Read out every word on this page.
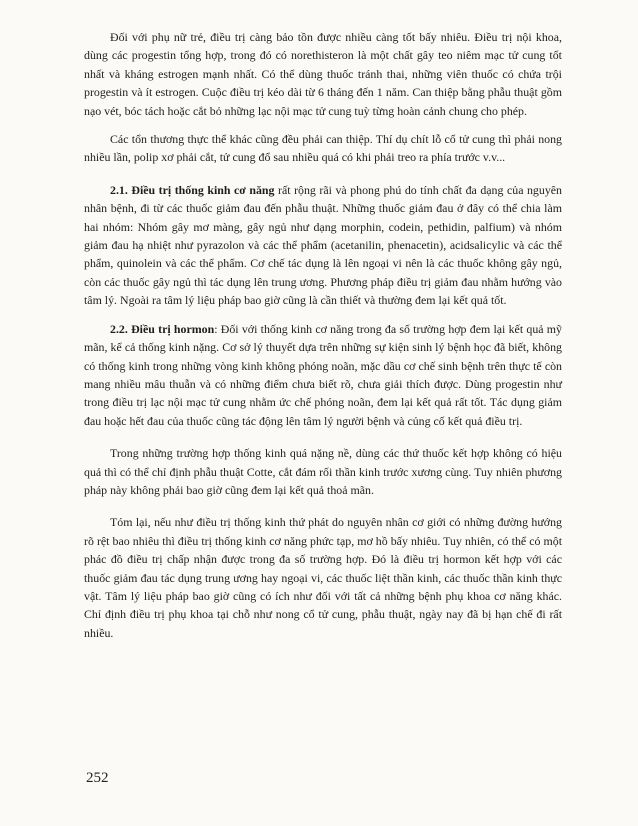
Đối với phụ nữ trẻ, điều trị càng bảo tồn được nhiều càng tốt bấy nhiêu. Điều trị nội khoa, dùng các progestin tổng hợp, trong đó có norethisteron là một chất gây teo niêm mạc tử cung tốt nhất và kháng estrogen mạnh nhất. Có thể dùng thuốc tránh thai, những viên thuốc có chứa trội progestin và ít estrogen. Cuộc điều trị kéo dài từ 6 tháng đến 1 năm. Can thiệp bằng phẫu thuật gồm nạo vét, bóc tách hoặc cắt bỏ những lạc nội mạc tử cung tuỳ từng hoàn cảnh chung cho phép.

Các tổn thương thực thể khác cũng đều phải can thiệp. Thí dụ chít lỗ cổ tử cung thì phải nong nhiều lần, polip xơ phải cắt, tử cung đổ sau nhiều quá có khi phải treo ra phía trước v.v...

2.1. Điều trị thống kinh cơ năng rất rộng rãi và phong phú do tính chất đa dạng của nguyên nhân bệnh, đi từ các thuốc giảm đau đến phẫu thuật. Những thuốc giảm đau ở đây có thể chia làm hai nhóm: Nhóm gây mơ màng, gây ngủ như dạng morphin, codein, pethidin, palfium) và nhóm giảm đau hạ nhiệt như pyrazolon và các thể phẩm (acetanilin, phenacetin), acidsalicylic và các thể phẩm, quinolein và các thể phẩm. Cơ chế tác dụng là lên ngoại vi nên là các thuốc không gây ngủ, còn các thuốc gây ngủ thì tác dụng lên trung ương. Phương pháp điều trị giảm đau nhằm hướng vào tâm lý. Ngoài ra tâm lý liệu pháp bao giờ cũng là cần thiết và thường đem lại kết quả tốt.

2.2. Điều trị hormon: Đối với thống kinh cơ năng trong đa số trường hợp đem lại kết quả mỹ mãn, kể cả thống kinh nặng. Cơ sở lý thuyết dựa trên những sự kiện sinh lý bệnh học đã biết, không có thống kinh trong những vòng kinh không phóng noãn, mặc dầu cơ chế sinh bệnh trên thực tế còn mang nhiều mâu thuẫn và có những điểm chưa biết rõ, chưa giải thích được. Dùng progestin như trong điều trị lạc nội mạc tử cung nhằm ức chế phóng noãn, đem lại kết quả rất tốt. Tác dụng giảm đau hoặc hết đau của thuốc cũng tác động lên tâm lý người bệnh và củng cố kết quả điều trị.

Trong những trường hợp thống kinh quá nặng nề, dùng các thứ thuốc kết hợp không có hiệu quả thì có thể chỉ định phẫu thuật Cotte, cắt đám rối thần kinh trước xương cùng. Tuy nhiên phương pháp này không phải bao giờ cũng đem lại kết quả thoả mãn.

Tóm lại, nếu như điều trị thống kinh thứ phát do nguyên nhân cơ giới có những đường hướng rõ rệt bao nhiêu thì điều trị thống kinh cơ năng phức tạp, mơ hồ bấy nhiêu. Tuy nhiên, có thể có một phác đồ điều trị chấp nhận được trong đa số trường hợp. Đó là điều trị hormon kết hợp với các thuốc giảm đau tác dụng trung ương hay ngoại vi, các thuốc liệt thần kinh, các thuốc thần kinh thực vật. Tâm lý liệu pháp bao giờ cũng có ích như đối với tất cả những bệnh phụ khoa cơ năng khác. Chỉ định điều trị phụ khoa tại chỗ như nong cổ tử cung, phẫu thuật, ngày nay đã bị hạn chế đi rất nhiều.

252
